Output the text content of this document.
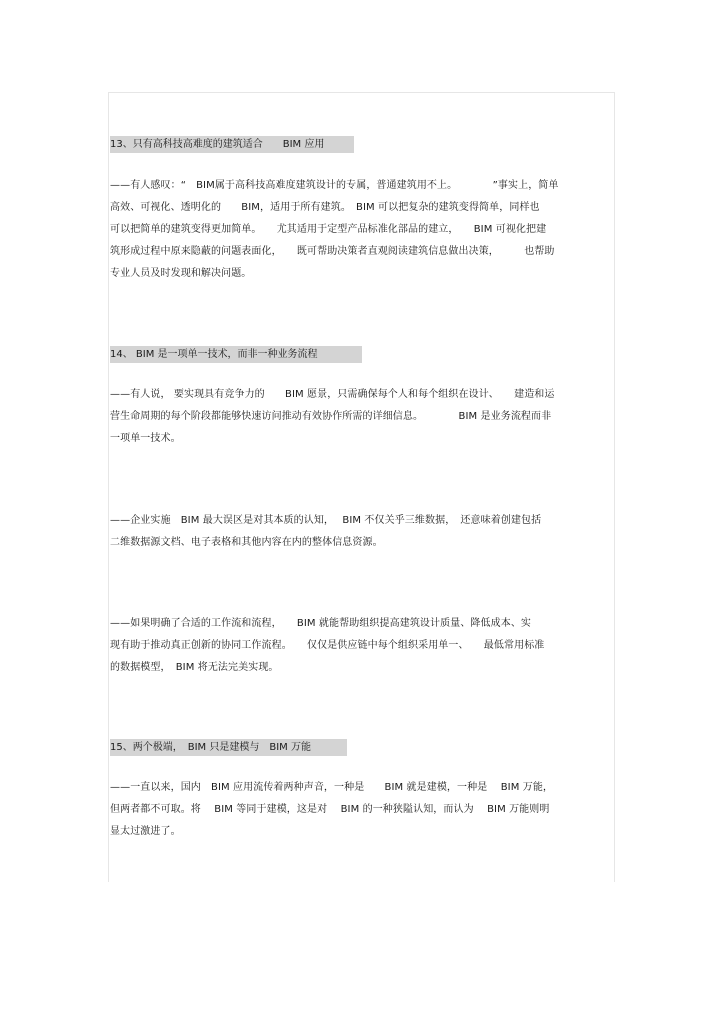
13、只有高科技高难度的建筑适合　　BIM 应用
——有人感叹：“　BIM属于高科技高难度建筑设计的专属，普通建筑用不上。　　　　”事实上，简单
高效、可视化、透明化的　　BIM，适用于所有建筑。　BIM 可以把复杂的建筑变得简单，同样也
可以把简单的建筑变得更加简单。　　尤其适用于定型产品标准化部品的建立，　　BIM 可视化把建
筑形成过程中原来隐蔽的问题表面化，　　既可帮助决策者直观阅读建筑信息做出决策，　　　也帮助
专业人员及时发现和解决问题。
14、 BIM 是一项单一技术，而非一种业务流程
——有人说， 要实现具有竞争力的　　BIM 愿景，只需确保每个人和每个组织在设计、　　建造和运
营生命周期的每个阶段都能够快速访问推动有效协作所需的详细信息。　　　　BIM 是业务流程而非
一项单一技术。
——企业实施　BIM 最大误区是对其本质的认知，　 BIM 不仅关乎三维数据，　还意味着创建包括
二维数据源文档、电子表格和其他内容在内的整体信息资源。
——如果明确了合适的工作流和流程，　　BIM 就能帮助组织提高建筑设计质量、降低成本、实
现有助于推动真正创新的协同工作流程。　　仅仅是供应链中每个组织采用单一、　　最低常用标准
的数据模型，　BIM 将无法完美实现。
15、两个极端，　BIM 只是建模与　BIM 万能
——一直以来，国内　BIM 应用流传着两种声音，一种是　　BIM 就是建模，一种是　 BIM 万能，
但两者都不可取。将　 BIM 等同于建模，这是对　 BIM 的一种狭隘认知，而认为　 BIM 万能则明
显太过激进了。
